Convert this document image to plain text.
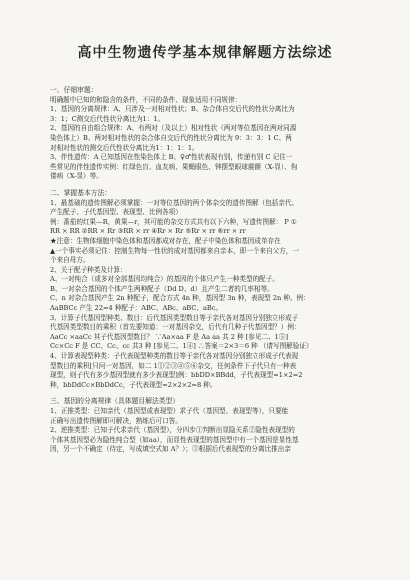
高中生物遗传学基本规律解题方法综述
一、仔细审题：
明确题中已知的和隐含的条件，不同的条件、现象适用不同规律：
1、基因的分离规律：A、只涉及一对相对性状；B、杂合体自交后代的性状分离比为
3：1；C测交后代性状分离比为1：1。
2、基因的自由组合规律：A、有两对（及以上）相对性状（两对等位基因在两对同源
染色体上）B、两对相对性状的杂合体自交后代的性状分离比为 9：3：3：1 C、两
对相对性状的测交后代性状分离比为1：1：1：1。
3、伴性遗传：A 已知基因在性染色体上 B、♀♂性状表现有别，传递有别 C 记住一
些常见的伴性遗传实例：红绿色盲、血友病、果蝇眼色、钟摆型眼球震颤（X-显）、佝
偻病（X-显）等。
二、掌握基本方法：
1、最基础的遗传图解必须掌握：一对等位基因的两个体杂交的遗传图解（包括亲代、
产生配子、子代基因型、表现型、比例各项）
例：番茄的红果—R，黄果—r，其可能的杂交方式共有以下六种，写遗传图解： P ①
RR × RR ②RR × Rr ③RR × rr ④Rr × Rr ⑤Rr × rr ⑥rr × rr
★注意：生物体细胞中染色体和基因都成对存在，配子中染色体和基因成单存在
▲一个事实必须记住：控制生物每一性状的成对基因都来自亲本，即一个来自父方，一
个来自母方。
2、关于配子种类及计算：
A、一对纯合（或多对全部基因均纯合）的基因的个体只产生一种类型的配子。
B、一对杂合基因的个体产生两种配子（Dd D、d）且产生二者的几率相等。
C、n 对杂合基因产生 2n 种配子，配合方式 4n 种，基因型 3n 种，表现型 2n 种。例：
AaBBCc 产生 22=4 种配子：ABC、ABc、aBC、aBc。
3、计算子代基因型种类、数目：后代基因类型数目等于亲代各对基因分别独立形成子
代基因类型数目的乘积（首先要知道：一对基因杂交，后代有几种子代基因型？）例：
AaCc ×aaCc 其子代基因型数目？ ∵Aa×aa F 是 Aa aa 共 2 种 [参见二、1⑤]
Cc×Cc F 是 CC、Cc、cc 共3 种 [参见二、1④] ∴答案＝2×3＝6 种 （请写图解验证）
4、计算表现型种类：子代表现型种类的数目等于亲代各对基因分别独立形成子代表现
型数目的乘积[只问一对基因，如二 1①②③④⑤⑥杂交，任何条件下子代只有一种表
现型，则子代有多少基因型就有多少表现型]例：bbDD×BBdd，子代表现型=1×2=2
种，bbDdCc×BbDdCc，子代表现型=2×2×2=8 种。
三、基因的分离规律（具体题目解法类型）
1、正推类型：已知亲代（基因型或表现型）求子代（基因型、表现型等），只要能
正确写出遗传图解即可解决，熟练后可口答。
2、逆推类型：已知子代求亲代（基因型），分四步①判断出显隐关系②隐性表现型的
个体其基因型必为隐性纯合型（如aa），而显性表现型的基因型中有一个基因是显性基
因，另一个不确定（待定，写成填空式如 A？）；③根据后代表现型的分离比推出亲
